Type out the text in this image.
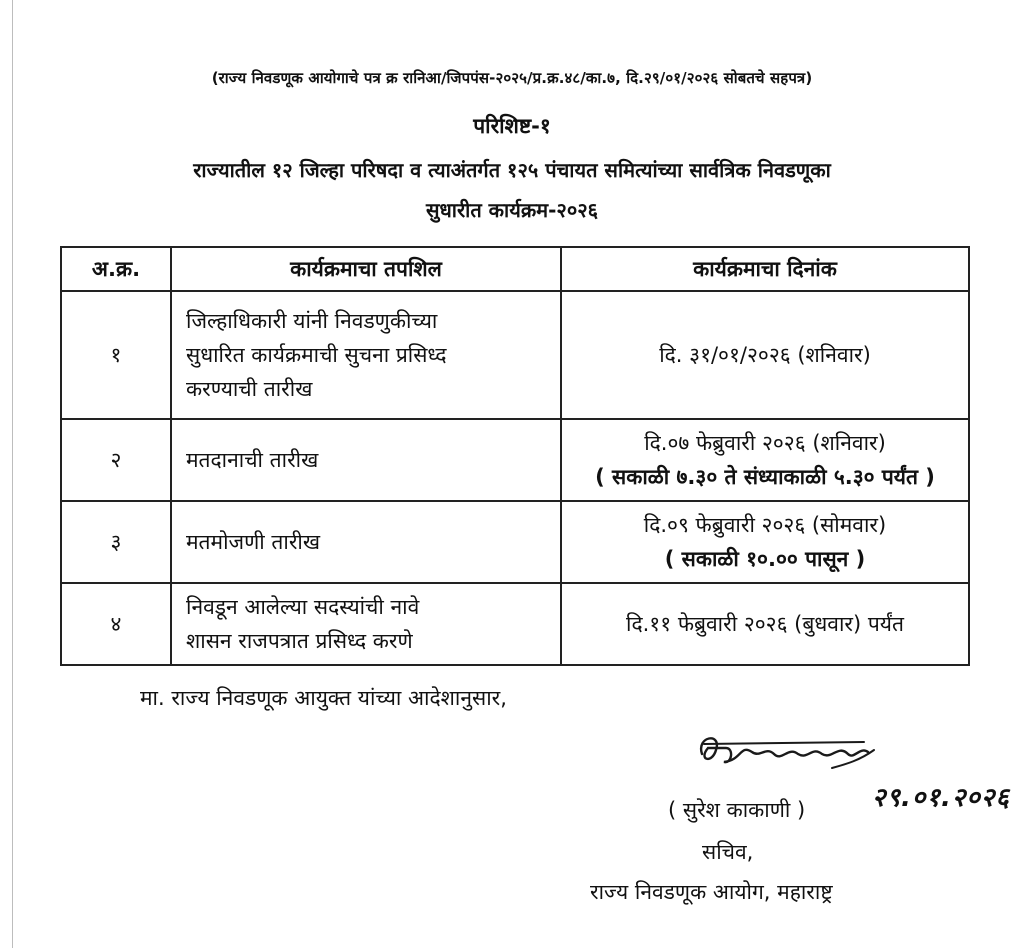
(राज्य निवडणूक आयोगाचे पत्र क्र रानिआ/जिपपंस-२०२५/प्र.क्र.४८/का.७, दि.२९/०१/२०२६ सोबतचे सहपत्र)
परिशिष्ट-१
राज्यातील १२ जिल्हा परिषदा व त्याअंतर्गत १२५ पंचायत समित्यांच्या सार्वत्रिक निवडणूका
सुधारीत कार्यक्रम-२०२६
अ.क्र.	कार्यक्रमाचा तपशिल	कार्यक्रमाचा दिनांक
१	जिल्हाधिकारी यांनी निवडणुकीच्या
सुधारित कार्यक्रमाची सुचना प्रसिध्द
करण्याची तारीख	दि. ३१/०१/२०२६ (शनिवार)

२	मतदानाची तारीख	दि.०७ फेब्रुवारी २०२६ (शनिवार)
( सकाळी ७.३० ते संध्याकाळी ५.३० पर्यंत )

३	मतमोजणी तारीख	दि.०९ फेब्रुवारी २०२६ (सोमवार)
( सकाळी १०.०० पासून )

४	निवडून आलेल्या सदस्यांची नावे
शासन राजपत्रात प्रसिध्द करणे	दि.११ फेब्रुवारी २०२६ (बुधवार) पर्यंत
मा. राज्य निवडणूक आयुक्त यांच्या आदेशानुसार,
२९.०१.२०२६
( सुरेश काकाणी )
सचिव,
राज्य निवडणूक आयोग, महाराष्ट्र
